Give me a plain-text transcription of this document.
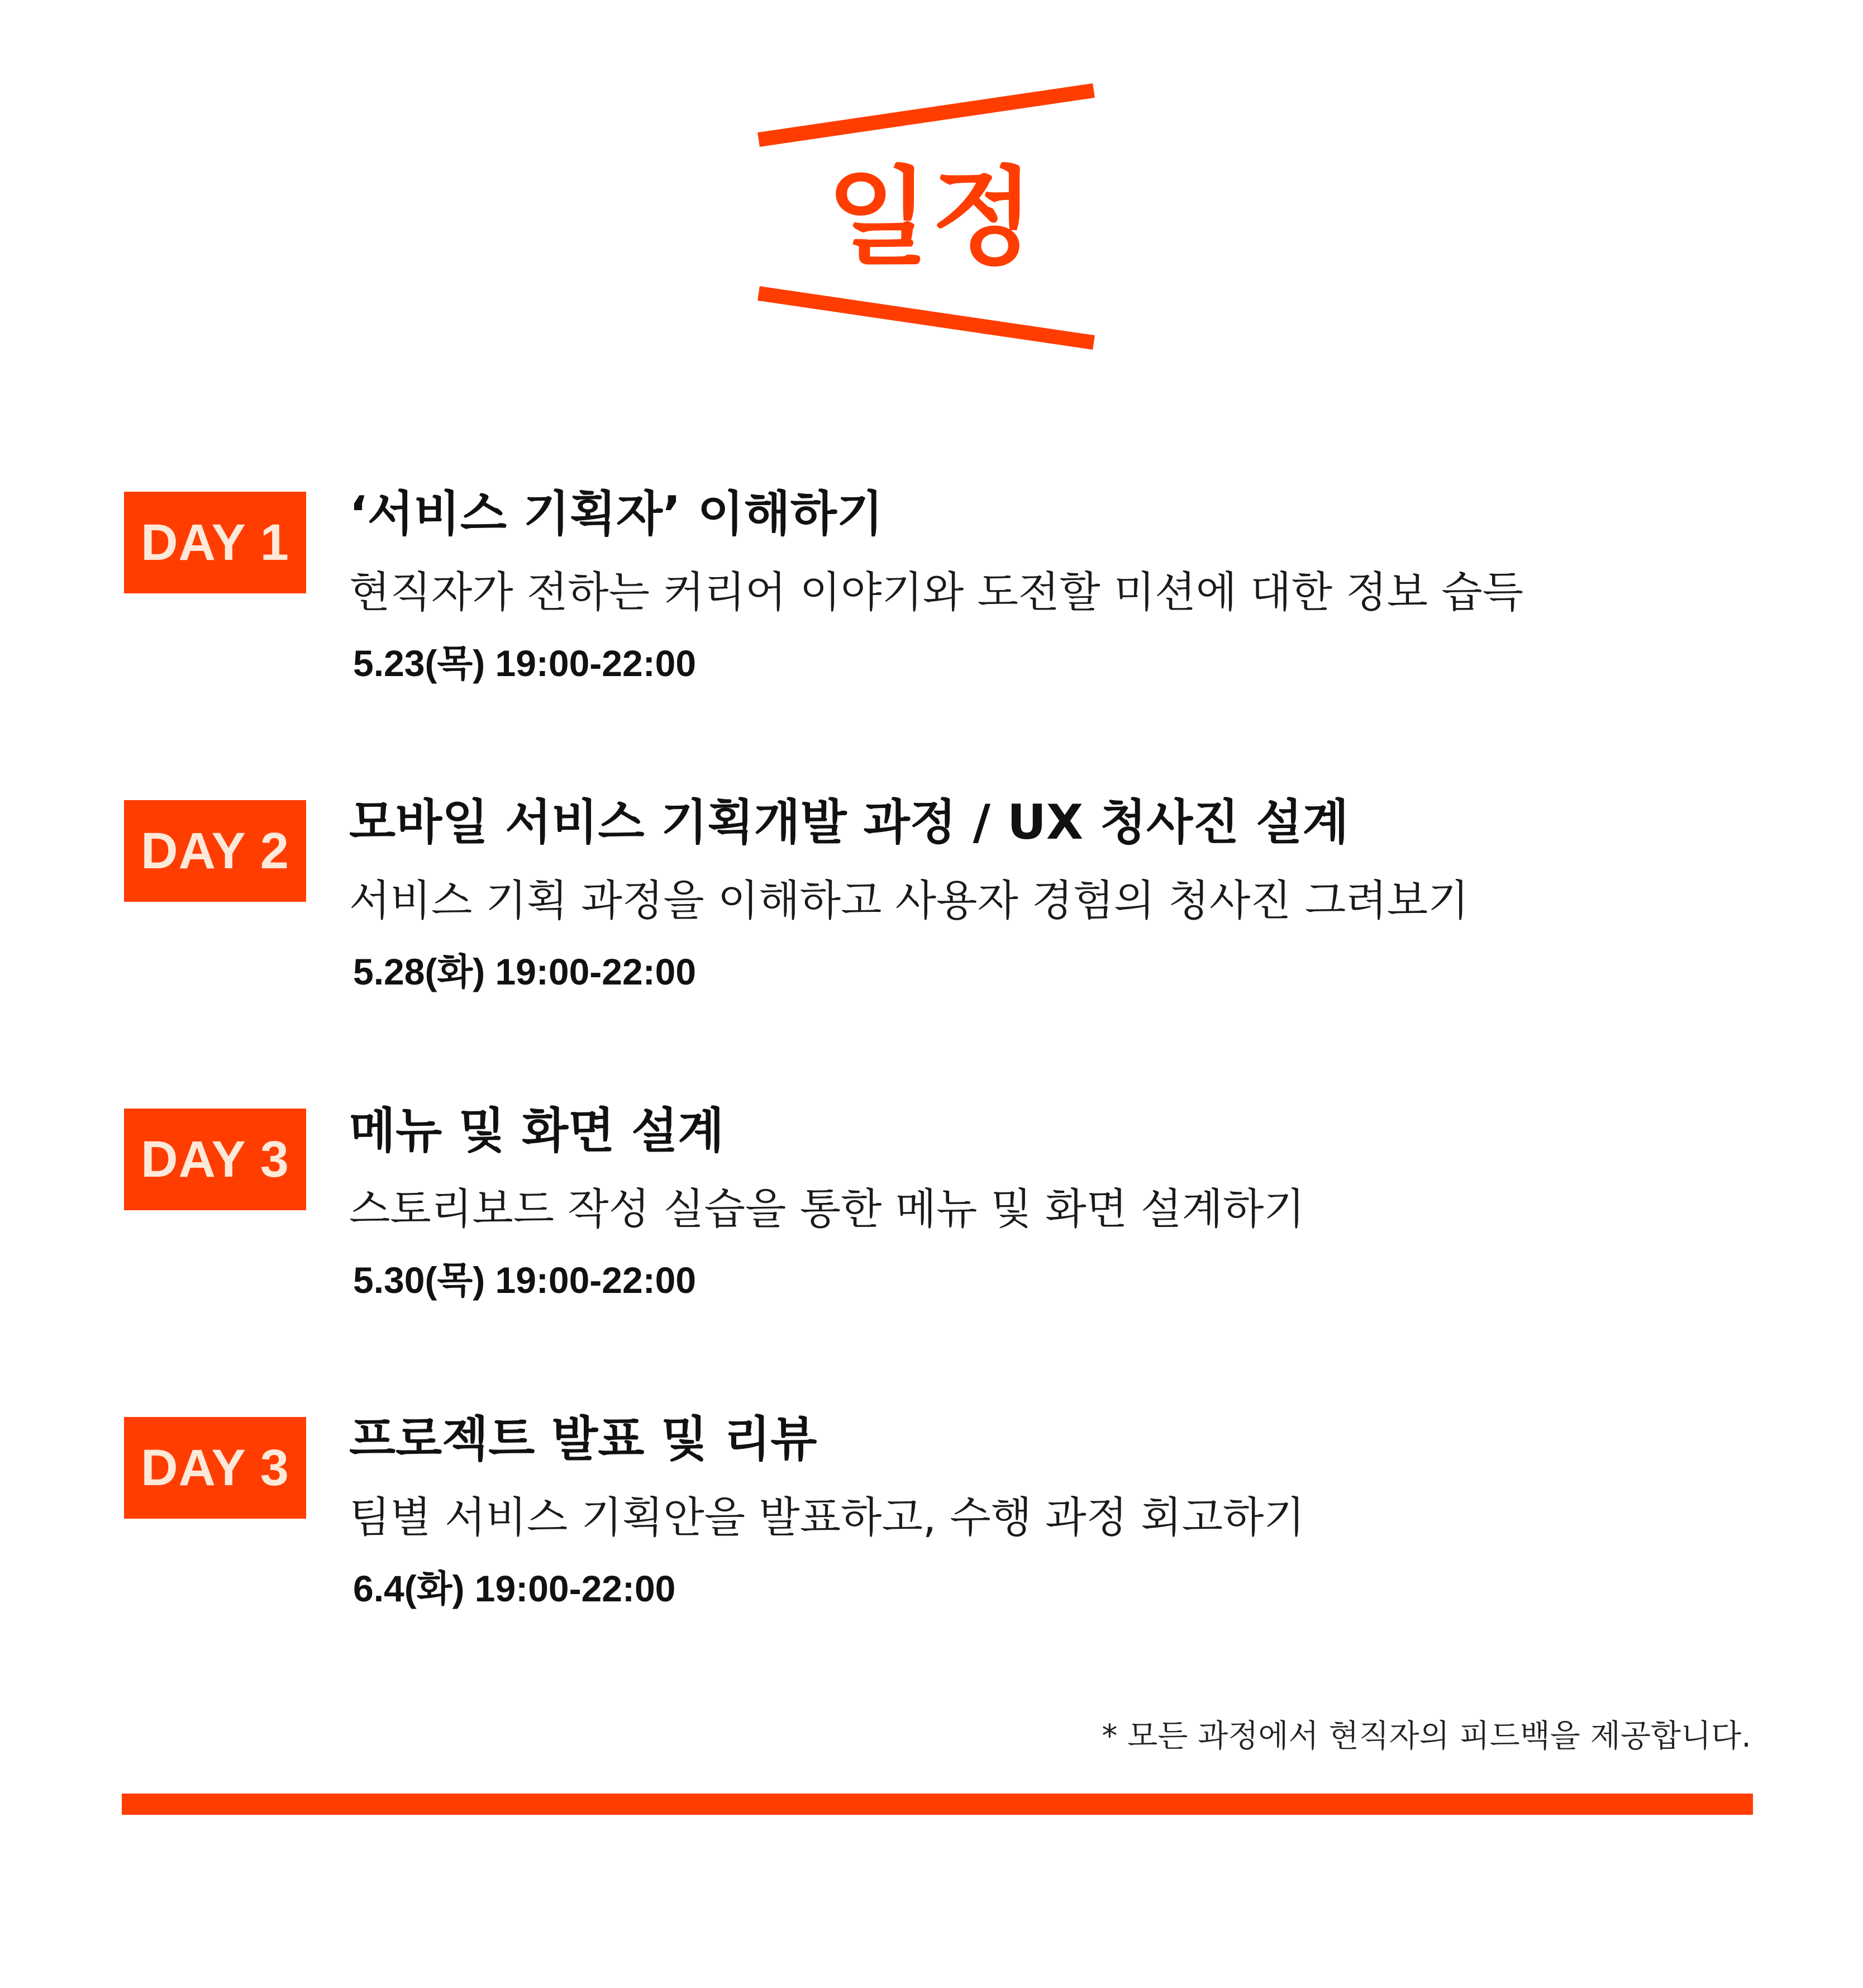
일정
DAY 1	‘서비스 기획자’ 이해하기
현직자가 전하는 커리어 이야기와 도전할 미션에 대한 정보 습득
5.23(목) 19:00-22:00
DAY 2	모바일 서비스 기획개발 과정 / UX 청사진 설계
서비스 기획 과정을 이해하고 사용자 경험의 청사진 그려보기
5.28(화) 19:00-22:00
DAY 3	메뉴 및 화면 설계
스토리보드 작성 실습을 통한 메뉴 및 화면 설계하기
5.30(목) 19:00-22:00
DAY 3	프로젝트 발표 및 리뷰
팀별 서비스 기획안을 발표하고, 수행 과정 회고하기
6.4(화) 19:00-22:00
* 모든 과정에서 현직자의 피드백을 제공합니다.
